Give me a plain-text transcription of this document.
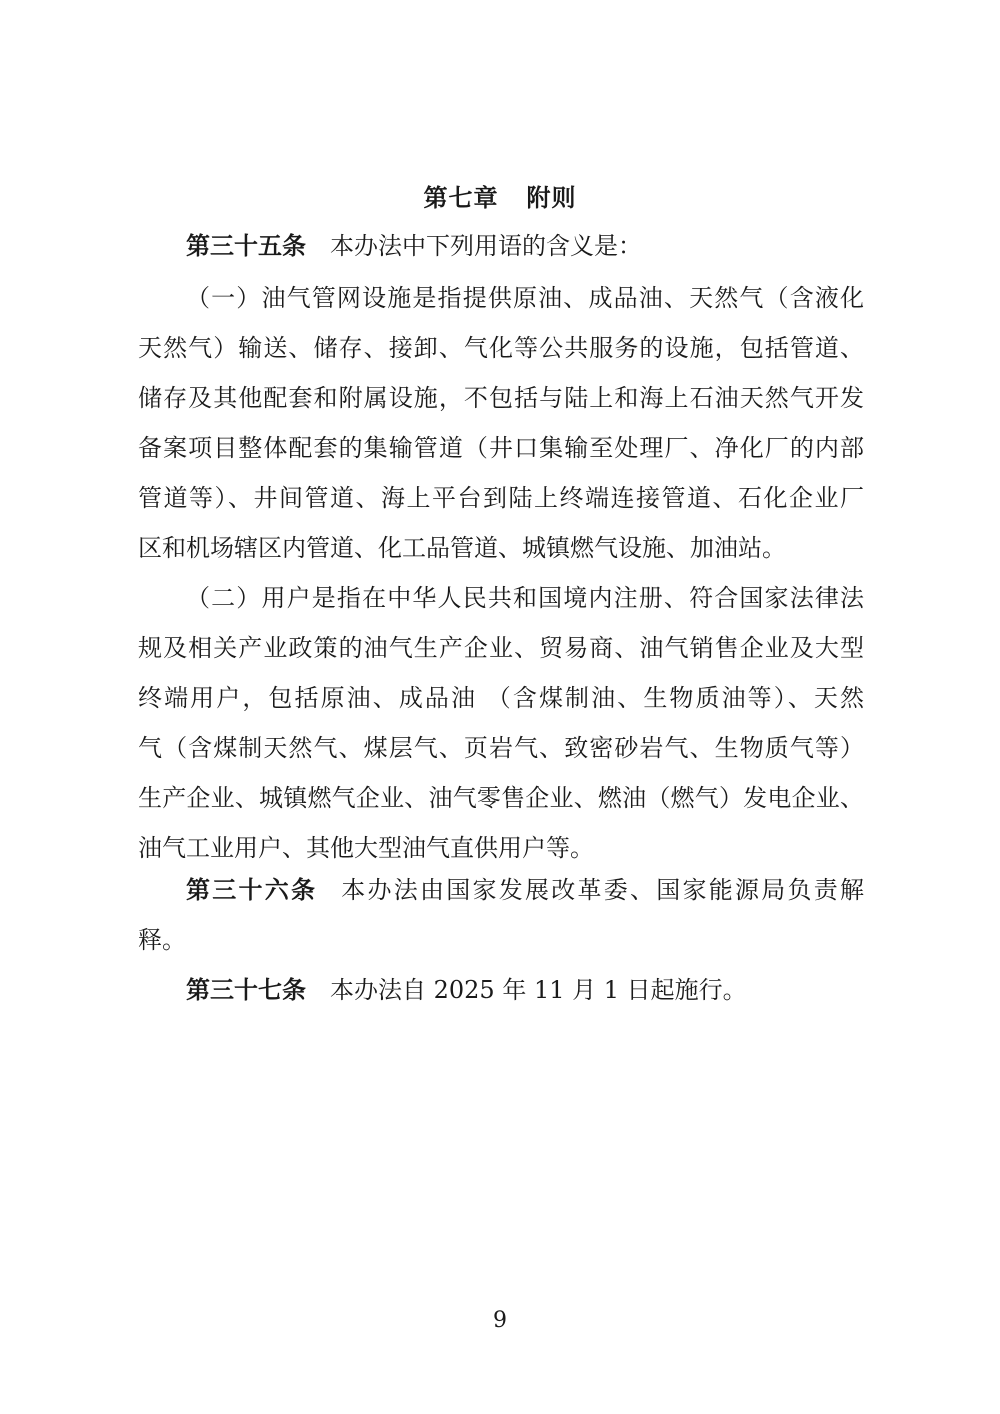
第七章 附则
第三十五条 本办法中下列用语的含义是：
（一）油气管网设施是指提供原油、成品油、天然气（含液化
天然气）输送、储存、接卸、气化等公共服务的设施，包括管道、
储存及其他配套和附属设施，不包括与陆上和海上石油天然气开发
备案项目整体配套的集输管道（井口集输至处理厂、净化厂的内部
管道等）、井间管道、海上平台到陆上终端连接管道、石化企业厂
区和机场辖区内管道、化工品管道、城镇燃气设施、加油站。
（二）用户是指在中华人民共和国境内注册、符合国家法律法
规及相关产业政策的油气生产企业、贸易商、油气销售企业及大型
终端用户，包括原油、成品油 （含煤制油、生物质油等）、天然
气（含煤制天然气、煤层气、页岩气、致密砂岩气、生物质气等）
生产企业、城镇燃气企业、油气零售企业、燃油（燃气）发电企业、
油气工业用户、其他大型油气直供用户等。
第三十六条 本办法由国家发展改革委、国家能源局负责解
释。
第三十七条 本办法自 2025 年 11 月 1 日起施行。
9
